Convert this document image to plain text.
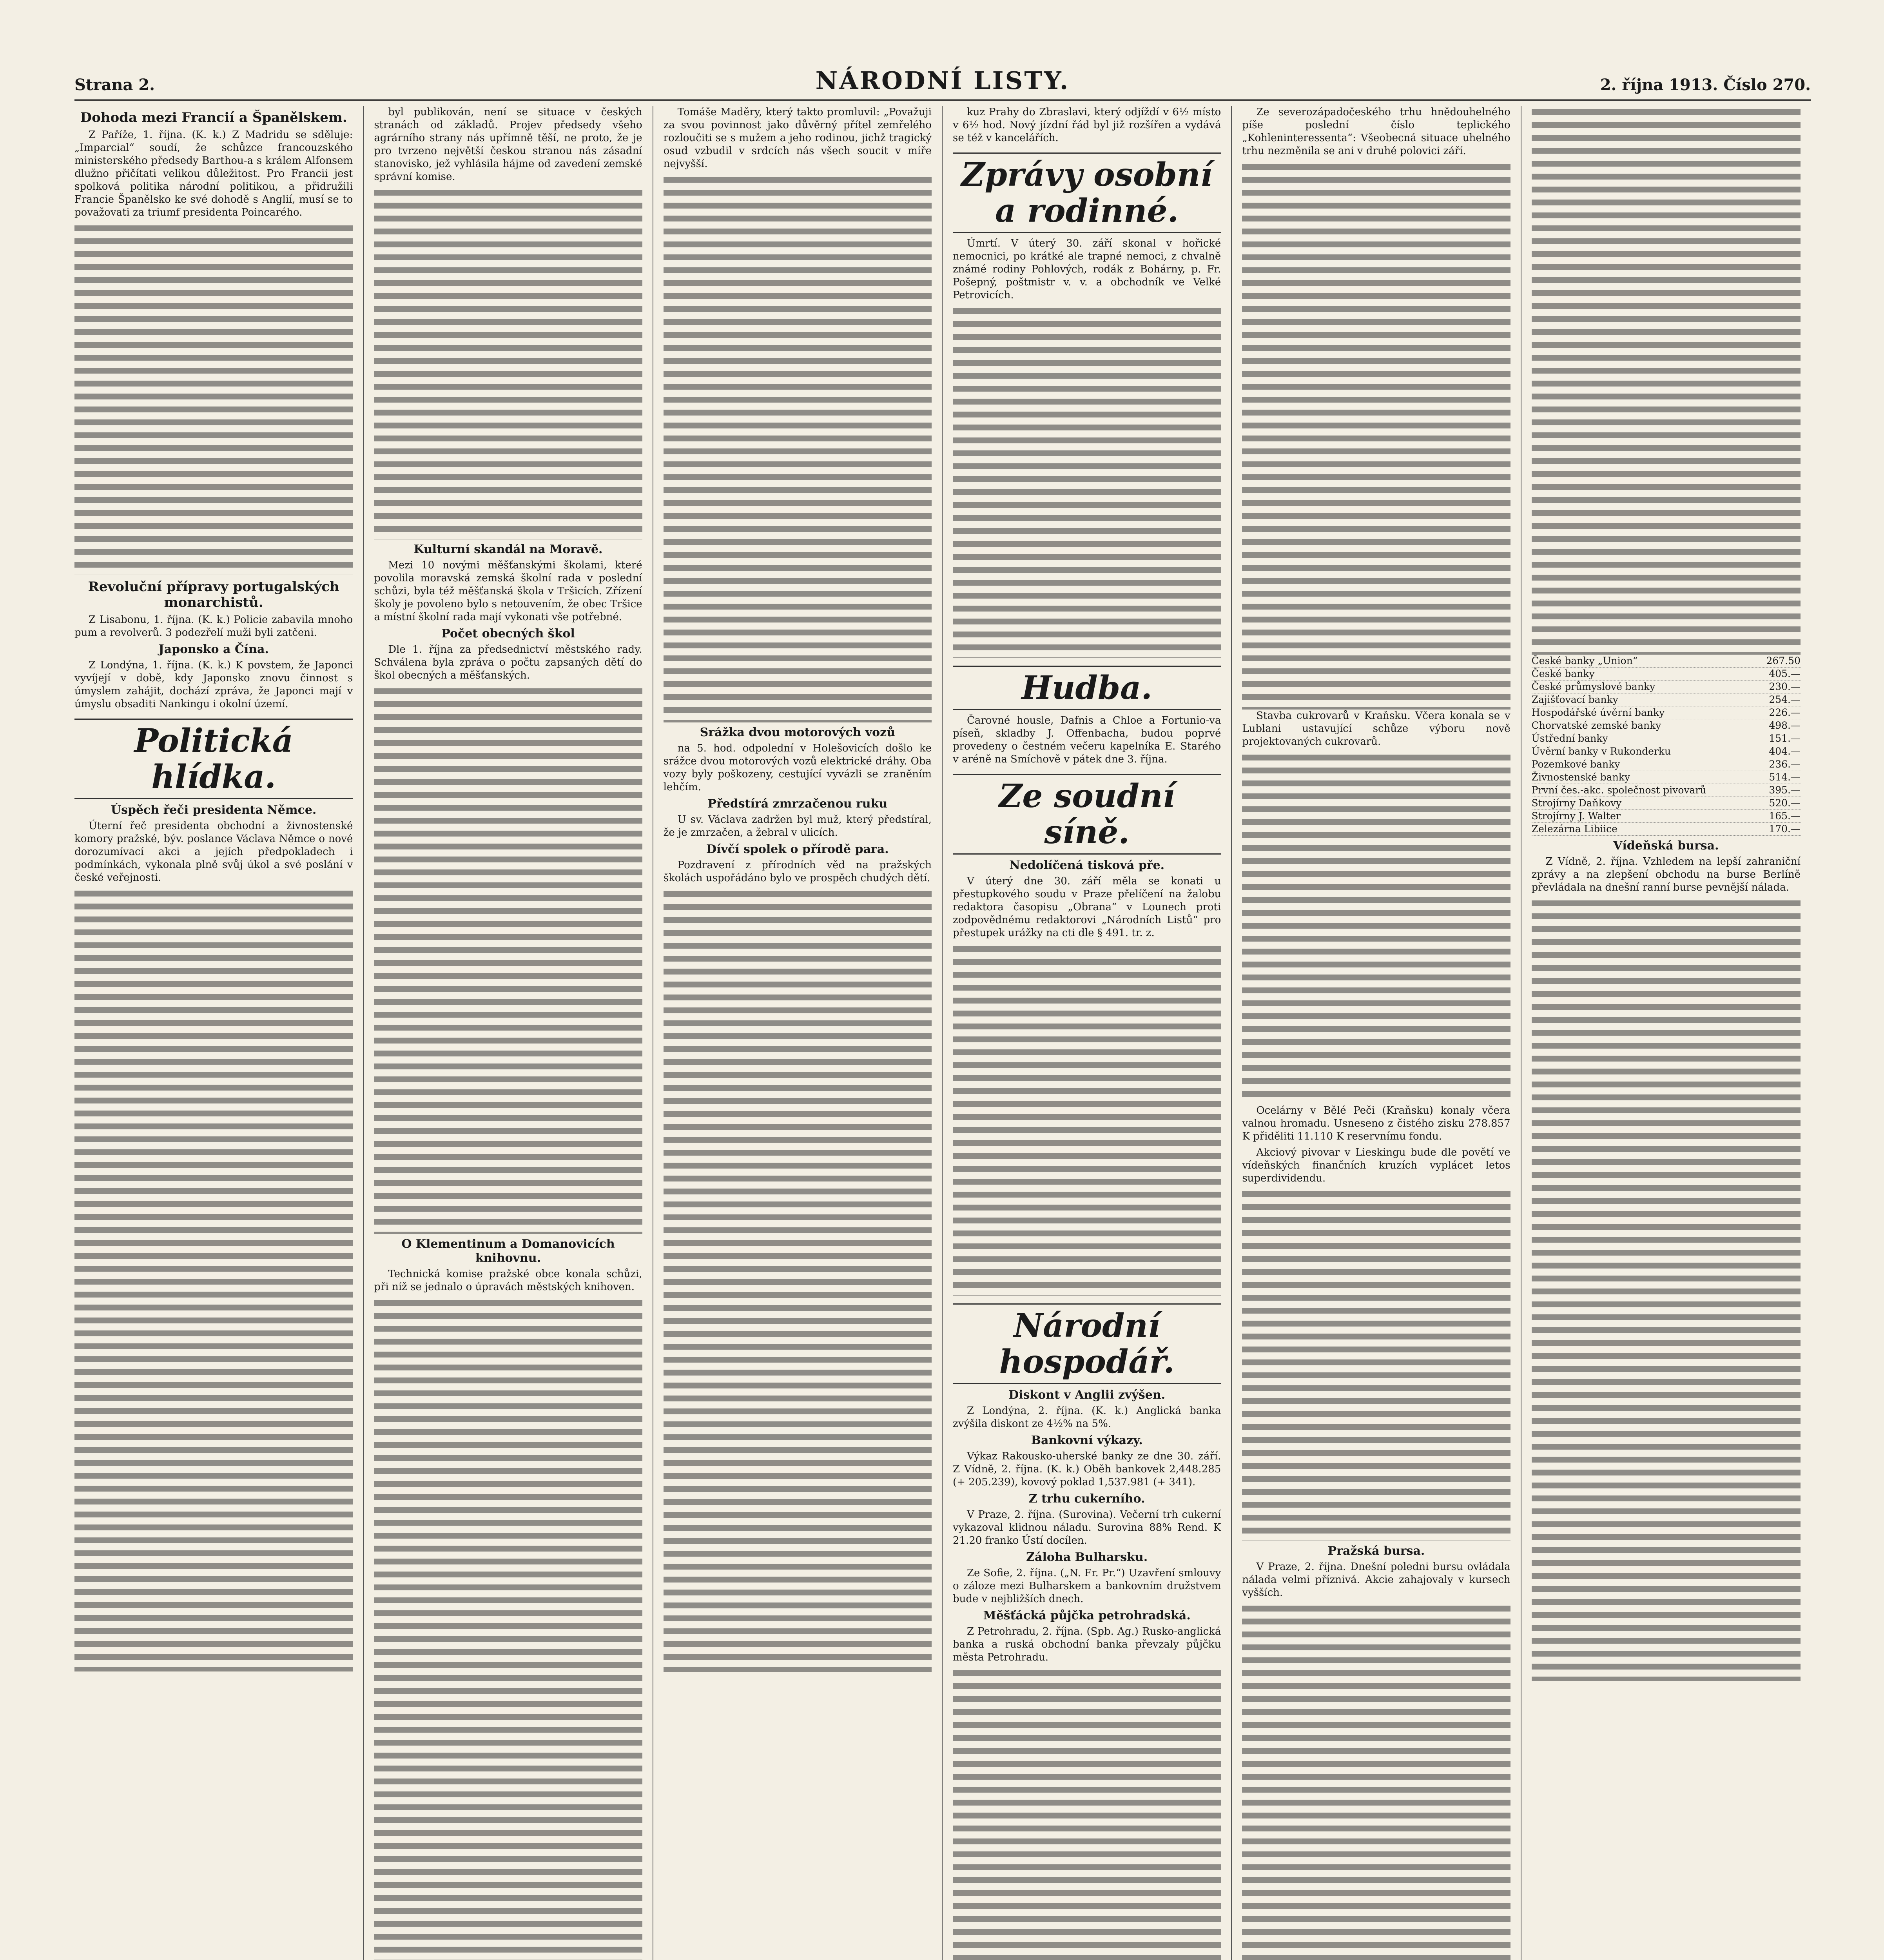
Strana 2.	NÁRODNÍ LISTY.	2. října 1913. Číslo 270.
Dohoda mezi Francií a Španělskem.

Z Paříže, 1. října. (K. k.) Z Madridu se sděluje: „Imparcial“ soudí, že schůzce francouzského ministerského předsedy Barthou-a s králem Alfonsem dlužno přičítati velikou důležitost. Pro Francii jest spolková politika národní politikou, a přidružili Francie Španělsko ke své dohodě s Anglií, musí se to považovati za triumf presidenta Poincarého.

Revoluční přípravy portugalských monarchistů.

Z Lisabonu, 1. října. (K. k.) Policie zabavila mnoho pum a revolverů. 3 podezřelí muži byli zatčeni.

Japonsko a Čína.

Z Londýna, 1. října. (K. k.) K povstem, že Japonci vyvíjejí v době, kdy Japonsko znovu činnost s úmyslem zahájit, dochází zpráva, že Japonci mají v úmyslu obsaditi Nankingu i okolní území.

Politická hlídka.
Úspěch řeči presidenta Němce.

Úterní řeč presidenta obchodní a živnostenské komory pražské, býv. poslance Václava Němce o nové dorozumívací akci a jejích předpokladech i podmínkách, vykonala plně svůj úkol a své poslání v české veřejnosti.

byl publikován, není se situace v českých stranách od základů. Projev předsedy všeho agrárního strany nás upřímně těší, ne proto, že je pro tvrzeno největší českou stranou nás zásadní stanovisko, jež vyhlásila hájme od zavedení zemské správní komise.

Kulturní skandál na Moravě.

Mezi 10 novými měšťanskými školami, které povolila moravská zemská školní rada v poslední schůzi, byla též měšťanská škola v Tršicích. Zřízení školy je povoleno bylo s netouvením, že obec Tršice a místní školní rada mají vykonati vše potřebné.

Počet obecných škol

Dle 1. října za předsednictví městského rady. Schválena byla zpráva o počtu zapsaných dětí do škol obecných a měšťanských.

O Klementinum a Domanovicích knihovnu.

Technická komise pražské obce konala schůzi, při níž se jednalo o úpravách městských knihoven.

Tomáše Maděry, který takto promluvil: „Považuji za svou povinnost jako důvěrný přítel zemřelého rozloučiti se s mužem a jeho rodinou, jichž tragický osud vzbudil v srdcích nás všech soucit v míře nejvyšší.

Srážka dvou motorových vozů

na 5. hod. odpolední v Holešovicích došlo ke srážce dvou motorových vozů elektrické dráhy. Oba vozy byly poškozeny, cestující vyvázli se zraněním lehčím.

Předstírá zmrzačenou ruku

U sv. Václava zadržen byl muž, který předstíral, že je zmrzačen, a žebral v ulicích.

Dívčí spolek o přírodě para.

Pozdravení z přírodních věd na pražských školách uspořádáno bylo ve prospěch chudých dětí.

kuz Prahy do Zbraslavi, který odjíždí v 6½ místo v 6½ hod. Nový jízdní řád byl již rozšířen a vydává se též v kancelářích.

Zprávy osobní a rodinné.

Úmrtí. V úterý 30. září skonal v hořické nemocnici, po krátké ale trapné nemoci, z chvalně známé rodiny Pohlových, rodák z Bohárny, p. Fr. Pošepný, poštmistr v. v. a obchodník ve Velké Petrovicích.

Hudba.

Čarovné housle, Dafnis a Chloe a Fortunio-va píseň, skladby J. Offenbacha, budou poprvé provedeny o čestném večeru kapelníka E. Starého v aréně na Smíchově v pátek dne 3. října.

Ze soudní síně.
Nedolíčená tisková pře.

V úterý dne 30. září měla se konati u přestupkového soudu v Praze přelíčení na žalobu redaktora časopisu „Obrana“ v Lounech proti zodpovědnému redaktorovi „Národních Listů“ pro přestupek urážky na cti dle § 491. tr. z.

Národní hospodář.
Diskont v Anglii zvýšen.

Z Londýna, 2. října. (K. k.) Anglická banka zvýšila diskont ze 4½% na 5%.

Bankovní výkazy.

Výkaz Rakousko-uherské banky ze dne 30. září. Z Vídně, 2. října. (K. k.) Oběh bankovek 2,448.285 (+ 205.239), kovový poklad 1,537.981 (+ 341).

Z trhu cukerního.

V Praze, 2. října. (Surovina). Večerní trh cukerní vykazoval klidnou náladu. Surovina 88% Rend. K 21.20 franko Ústí docílen.

Záloha Bulharsku.

Ze Sofie, 2. října. („N. Fr. Pr.“) Uzavření smlouvy o záloze mezi Bulharskem a bankovním družstvem bude v nejbližších dnech.

Měšťácká půjčka petrohradská.

Z Petrohradu, 2. října. (Spb. Ag.) Rusko-anglická banka a ruská obchodní banka převzaly půjčku města Petrohradu.

Ze severozápadočeského trhu hnědouhelného píše poslední číslo teplického „Kohleninteressenta“: Všeobecná situace uhelného trhu nezměnila se ani v druhé polovici září.

Stavba cukrovarů v Kraňsku. Včera konala se v Lublani ustavující schůze výboru nově projektovaných cukrovarů.

Ocelárny v Bělé Peči (Kraňsku) konaly včera valnou hromadu. Usneseno z čistého zisku 278.857 K přiděliti 11.110 K reservnímu fondu.

Akciový pivovar v Lieskingu bude dle povětí ve vídeňských finančních kruzích vyplácet letos superdividendu.

Pražská bursa.

V Praze, 2. října. Dnešní poledni bursu ovládala nálada velmi příznivá. Akcie zahajovaly v kursech vyšších.

České banky „Union“	267.50
České banky	405.—
České průmyslové banky	230.—
Zajišťovací banky	254.—
Hospodářské úvěrní banky	226.—
Chorvatské zemské banky	498.—
Ústřední banky	151.—
Úvěrní banky v Rukonderku	404.—
Pozemkové banky	236.—
Živnostenské banky	514.—
První čes.-akc. společnost pivovarů	395.—
Strojírny Daňkovy	520.—
Strojírny J. Walter	165.—
Zelezárna Libiice	170.—
Vídeňská bursa.

Z Vídně, 2. října. Vzhledem na lepší zahraniční zprávy a na zlepšení obchodu na burse Berlíně převládala na dnešní ranní burse pevnější nálada.
